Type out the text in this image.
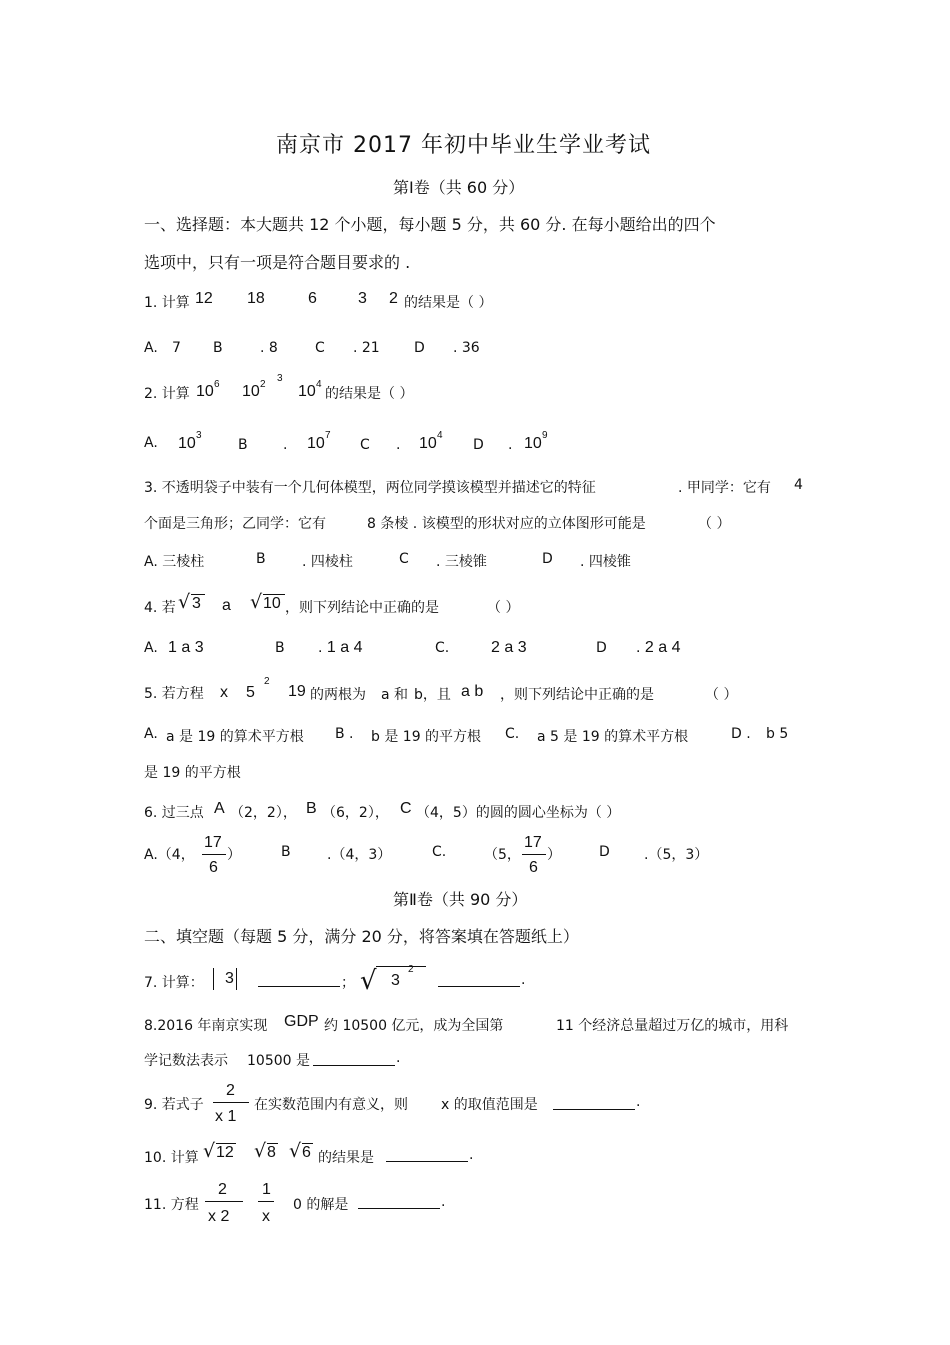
南京市 2017 年初中毕业生学业考试
第Ⅰ卷（共 60 分）
一、选择题：本大题共 12 个小题，每小题 5 分，共 60 分. 在每小题给出的四个
选项中，只有一项是符合题目要求的 .
1. 计算 12 18	6	3 2 的结果是（ ）
A. 7 B	. 8	C . 21 D . 36
2. 计算 10 6 10 2
3
10 4
的结果是（ ）
A. 10 3
B	. 10 7
C . 10 4
D . 10 9
3. 不透明袋子中装有一个几何体模型，两位同学摸该模型并描述它的特征	. 甲同学：它有 4
个面是三角形；乙同学：它有	8 条棱 . 该模型的形状对应的立体图形可能是	（ ）
A. 三棱柱	B	. 四棱柱	C . 三棱锥	D . 四棱锥
4. 若 √ 3 a √ 10 ，则下列结论中正确的是	（ ）
A. 1 a 3	B . 1 a 4	C.	2 a 3	D . 2 a 4
5. 若方程 x 5
2
19 的两根为 a 和 b，且 a b ，则下列结论中正确的是	（ ）
A. a 是 19 的算术平方根 B . b 是 19 的平方根 C. a 5 是 19 的算术平方根	D . b 5
是 19 的平方根
6. 过三点 A （2，2）， B （6，2）， C （4，5）的圆的圆心坐标为（ ）
A.（4，
17
6
）	B	.（4，3）	C.	（5，
17
6
）	D .（5，3）
第Ⅱ卷（共 90 分）
二、填空题（每题 5 分，满分 20 分，将答案填在答题纸上）
7. 计算： 3	； √ 3
2
.
8.2016 年南京实现 GDP 约 10500 亿元，成为全国第	11 个经济总量超过万亿的城市，用科
学记数法表示 10500 是	.
9. 若式子
2
x 1
在实数范围内有意义，则 x 的取值范围是	.
10. 计算 √ 12 √ 8 √ 6 的结果是	.
11. 方程
2
x 2
1
x
0 的解是	.
